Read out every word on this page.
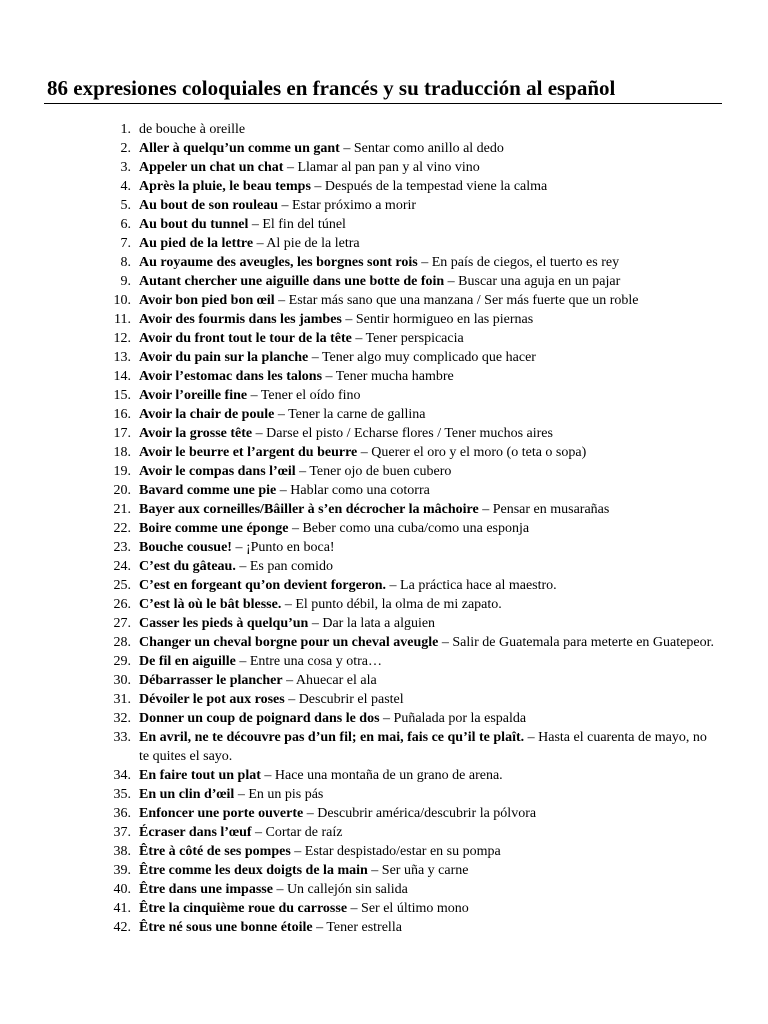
86 expresiones coloquiales en francés y su traducción al español
1. de bouche à oreille
2. Aller à quelqu’un comme un gant – Sentar como anillo al dedo
3. Appeler un chat un chat – Llamar al pan pan y al vino vino
4. Après la pluie, le beau temps – Después de la tempestad viene la calma
5. Au bout de son rouleau – Estar próximo a morir
6. Au bout du tunnel – El fin del túnel
7. Au pied de la lettre – Al pie de la letra
8. Au royaume des aveugles, les borgnes sont rois – En país de ciegos, el tuerto es rey
9. Autant chercher une aiguille dans une botte de foin – Buscar una aguja en un pajar
10. Avoir bon pied bon œil – Estar más sano que una manzana / Ser más fuerte que un roble
11. Avoir des fourmis dans les jambes – Sentir hormigueo en las piernas
12. Avoir du front tout le tour de la tête – Tener perspicacia
13. Avoir du pain sur la planche – Tener algo muy complicado que hacer
14. Avoir l’estomac dans les talons – Tener mucha hambre
15. Avoir l’oreille fine – Tener el oído fino
16. Avoir la chair de poule – Tener la carne de gallina
17. Avoir la grosse tête – Darse el pisto / Echarse flores / Tener muchos aires
18. Avoir le beurre et l’argent du beurre – Querer el oro y el moro (o teta o sopa)
19. Avoir le compas dans l’œil – Tener ojo de buen cubero
20. Bavard comme une pie – Hablar como una cotorra
21. Bayer aux corneilles/Bâiller à s’en décrocher la mâchoire – Pensar en musarañas
22. Boire comme une éponge – Beber como una cuba/como una esponja
23. Bouche cousue! – ¡Punto en boca!
24. C’est du gâteau. – Es pan comido
25. C’est en forgeant qu’on devient forgeron. – La práctica hace al maestro.
26. C’est là où le bât blesse. – El punto débil, la olma de mi zapato.
27. Casser les pieds à quelqu’un – Dar la lata a alguien
28. Changer un cheval borgne pour un cheval aveugle – Salir de Guatemala para meterte en Guatepeor.
29. De fil en aiguille – Entre una cosa y otra…
30. Débarrasser le plancher – Ahuecar el ala
31. Dévoiler le pot aux roses – Descubrir el pastel
32. Donner un coup de poignard dans le dos – Puñalada por la espalda
33. En avril, ne te découvre pas d’un fil; en mai, fais ce qu’il te plaît. – Hasta el cuarenta de mayo, no te quites el sayo.
34. En faire tout un plat – Hace una montaña de un grano de arena.
35. En un clin d’œil – En un pis pás
36. Enfoncer une porte ouverte – Descubrir américa/descubrir la pólvora
37. Écraser dans l’œuf – Cortar de raíz
38. Être à côté de ses pompes – Estar despistado/estar en su pompa
39. Être comme les deux doigts de la main – Ser uña y carne
40. Être dans une impasse – Un callejón sin salida
41. Être la cinquième roue du carrosse – Ser el último mono
42. Être né sous une bonne étoile – Tener estrella
